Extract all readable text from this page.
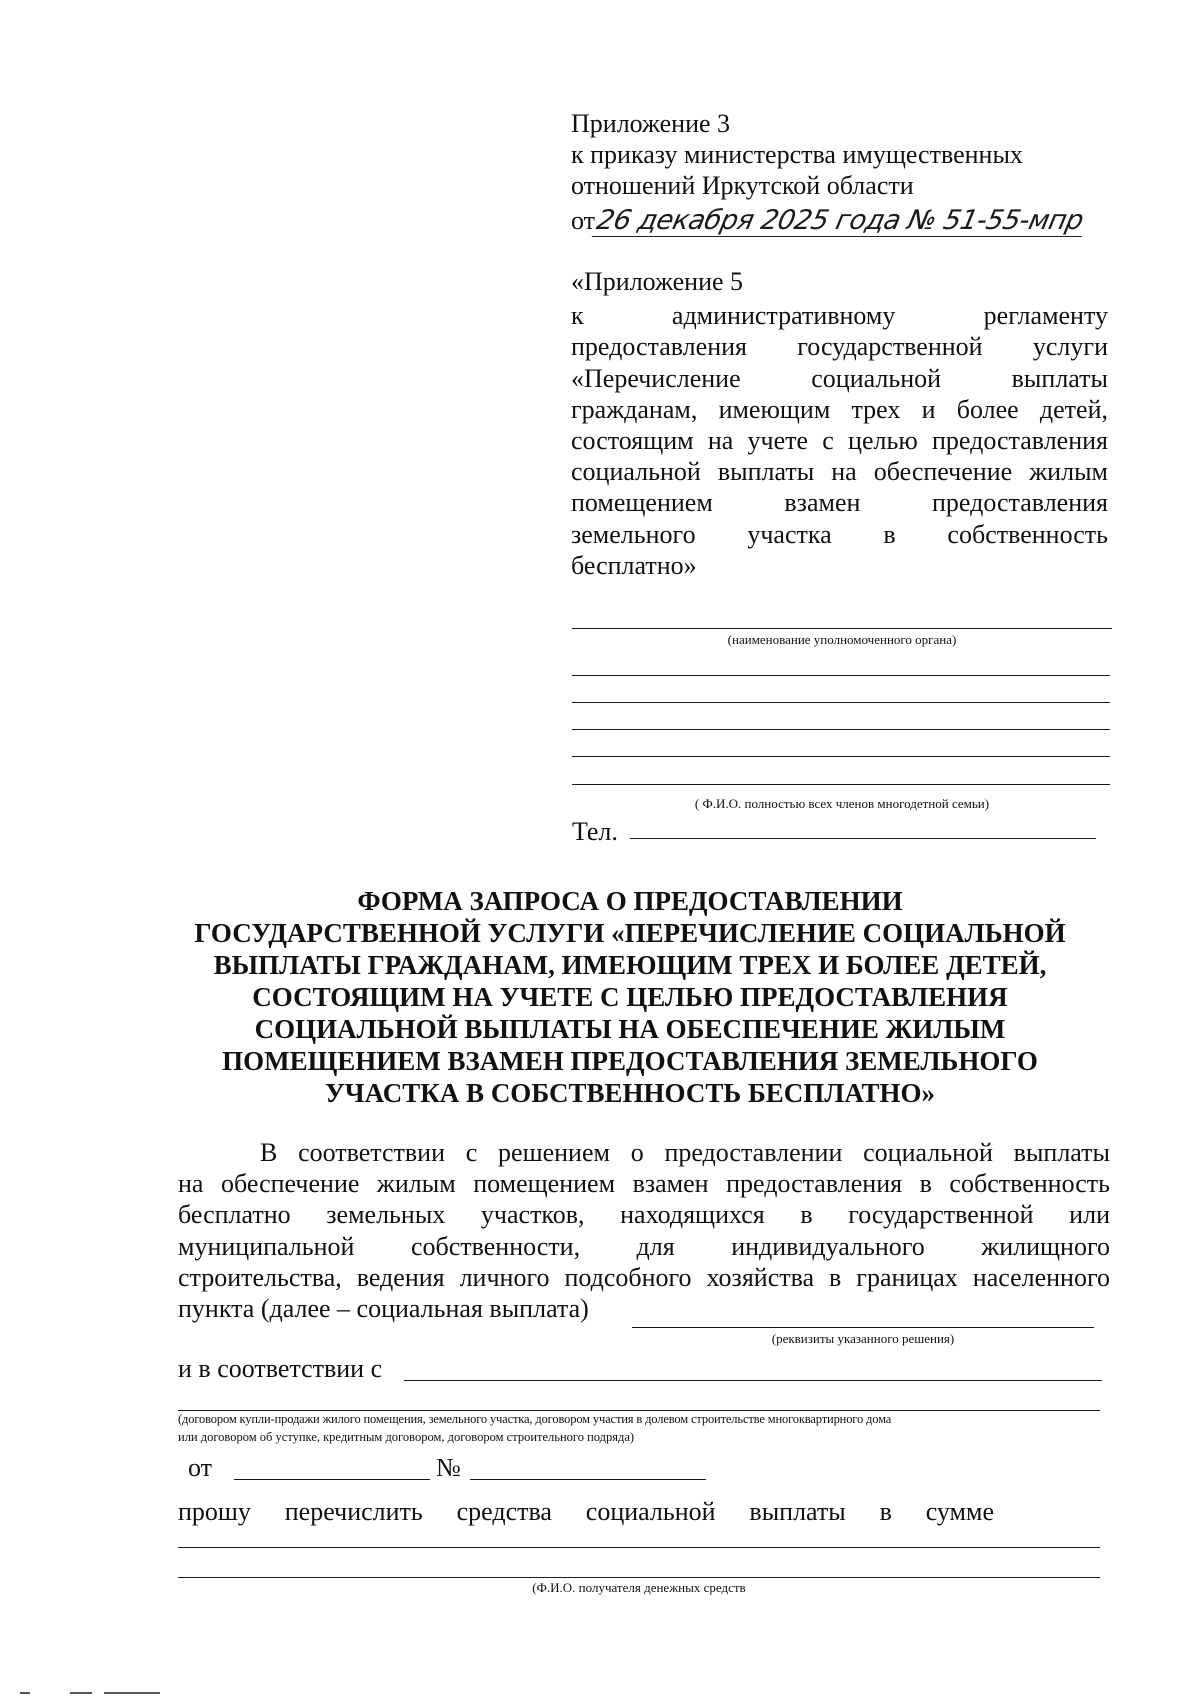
Приложение 3
к приказу министерства имущественных
отношений Иркутской области
от26 декабря 2025 года № 51-55-мпр
«Приложение 5
к административному регламенту
предоставления государственной услуги
«Перечисление социальной выплаты
гражданам, имеющим трех и более детей,
состоящим на учете с целью предоставления
социальной выплаты на обеспечение жилым
помещением взамен предоставления
земельного участка в собственность
бесплатно»
(наименование уполномоченного органа)
( Ф.И.О. полностью всех членов многодетной семьи)
Тел.
ФОРМА ЗАПРОСА О ПРЕДОСТАВЛЕНИИ
ГОСУДАРСТВЕННОЙ УСЛУГИ «ПЕРЕЧИСЛЕНИЕ СОЦИАЛЬНОЙ
ВЫПЛАТЫ ГРАЖДАНАМ, ИМЕЮЩИМ ТРЕХ И БОЛЕЕ ДЕТЕЙ,
СОСТОЯЩИМ НА УЧЕТЕ С ЦЕЛЬЮ ПРЕДОСТАВЛЕНИЯ
СОЦИАЛЬНОЙ ВЫПЛАТЫ НА ОБЕСПЕЧЕНИЕ ЖИЛЫМ
ПОМЕЩЕНИЕМ ВЗАМЕН ПРЕДОСТАВЛЕНИЯ ЗЕМЕЛЬНОГО
УЧАСТКА В СОБСТВЕННОСТЬ БЕСПЛАТНО»
В соответствии с решением о предоставлении социальной выплаты
на обеспечение жилым помещением взамен предоставления в собственность
бесплатно земельных участков, находящихся в государственной или
муниципальной собственности, для индивидуального жилищного
строительства, ведения личного подсобного хозяйства в границах населенного
пункта (далее – социальная выплата)
(реквизиты указанного решения)
и в соответствии с
(договором купли-продажи жилого помещения, земельного участка, договором участия в долевом строительстве многоквартирного дома
или договором об уступке, кредитным договором, договором строительного подряда)
от	№
прошу перечислить средства социальной выплаты в сумме
(Ф.И.О. получателя денежных средств
